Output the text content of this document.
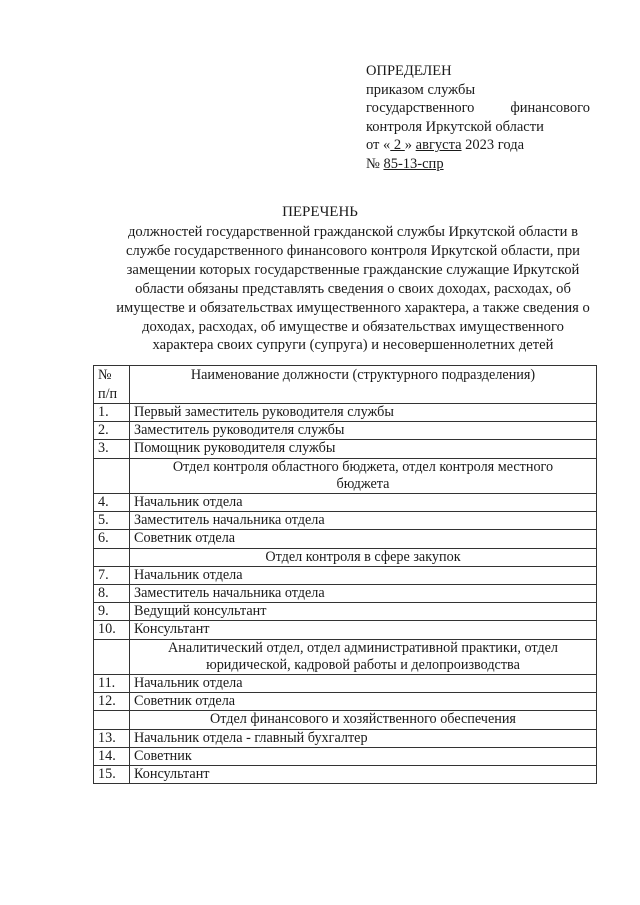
ОПРЕДЕЛЕН
приказом службы
государственного финансового
контроля Иркутской области
от « 2 » августа 2023 года
№ 85-13-спр
ПЕРЕЧЕНЬ
должностей государственной гражданской службы Иркутской области в
службе государственного финансового контроля Иркутской области, при
замещении которых государственные гражданские служащие Иркутской
области обязаны представлять сведения о своих доходах, расходах, об
имуществе и обязательствах имущественного характера, а также сведения о
доходах, расходах, об имуществе и обязательствах имущественного
характера своих супруги (супруга) и несовершеннолетних детей
№
п/п	Наименование должности (структурного подразделения)
1.	Первый заместитель руководителя службы
2.	Заместитель руководителя службы
3.	Помощник руководителя службы

	Отдел контроля областного бюджета, отдел контроля местного
бюджета

4.	Начальник отдела
5.	Заместитель начальника отдела
6.	Советник отдела
	Отдел контроля в сфере закупок
7.	Начальник отдела
8.	Заместитель начальника отдела
9.	Ведущий консультант
10.	Консультант

	Аналитический отдел, отдел административной практики, отдел
юридической, кадровой работы и делопроизводства

11.	Начальник отдела
12.	Советник отдела
	Отдел финансового и хозяйственного обеспечения
13.	Начальник отдела - главный бухгалтер
14.	Советник
15.	Консультант
